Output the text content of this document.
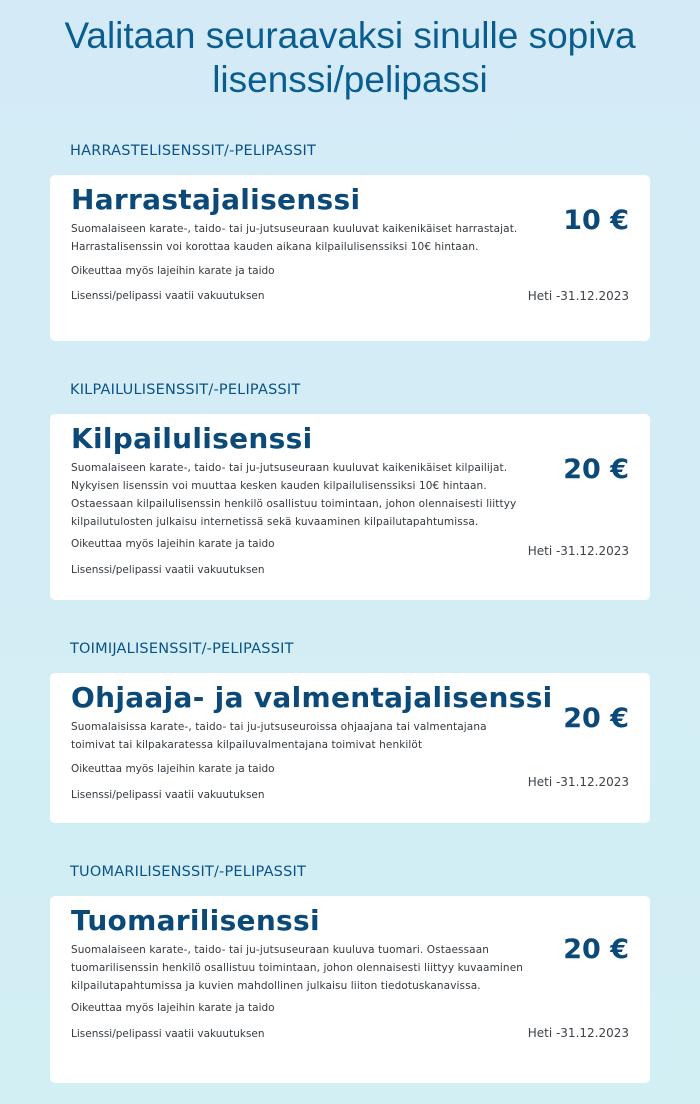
Valitaan seuraavaksi sinulle sopiva
lisenssi/pelipassi
HARRASTELISENSSIT/-PELIPASSIT
Harrastajalisenssi

Suomalaiseen karate-, taido- tai ju-jutsuseuraan kuuluvat kaikenikäiset harrastajat. Harrastalisenssin voi korottaa kauden aikana kilpailulisenssiksi 10€ hintaan.

Oikeuttaa myös lajeihin karate ja taido

Lisenssi/pelipassi vaatii vakuutuksen

10 €
Heti -31.12.2023
KILPAILULISENSSIT/-PELIPASSIT
Kilpailulisenssi

Suomalaiseen karate-, taido- tai ju-jutsuseuraan kuuluvat kaikenikäiset kilpailijat. Nykyisen lisenssin voi muuttaa kesken kauden kilpailulisenssiksi 10€ hintaan. Ostaessaan kilpailulisenssin henkilö osallistuu toimintaan, johon olennaisesti liittyy kilpailutulosten julkaisu internetissä sekä kuvaaminen kilpailutapahtumissa.

Oikeuttaa myös lajeihin karate ja taido

Lisenssi/pelipassi vaatii vakuutuksen

20 €
Heti -31.12.2023
TOIMIJALISENSSIT/-PELIPASSIT
Ohjaaja- ja valmentajalisenssi

Suomalaisissa karate-, taido- tai ju-jutsuseuroissa ohjaajana tai valmentajana toimivat tai kilpakaratessa kilpailuvalmentajana toimivat henkilöt

Oikeuttaa myös lajeihin karate ja taido

Lisenssi/pelipassi vaatii vakuutuksen

20 €
Heti -31.12.2023
TUOMARILISENSSIT/-PELIPASSIT
Tuomarilisenssi

Suomalaiseen karate-, taido- tai ju-jutsuseuraan kuuluva tuomari. Ostaessaan tuomarilisenssin henkilö osallistuu toimintaan, johon olennaisesti liittyy kuvaaminen kilpailutapahtumissa ja kuvien mahdollinen julkaisu liiton tiedotuskanavissa.

Oikeuttaa myös lajeihin karate ja taido

Lisenssi/pelipassi vaatii vakuutuksen

20 €
Heti -31.12.2023
